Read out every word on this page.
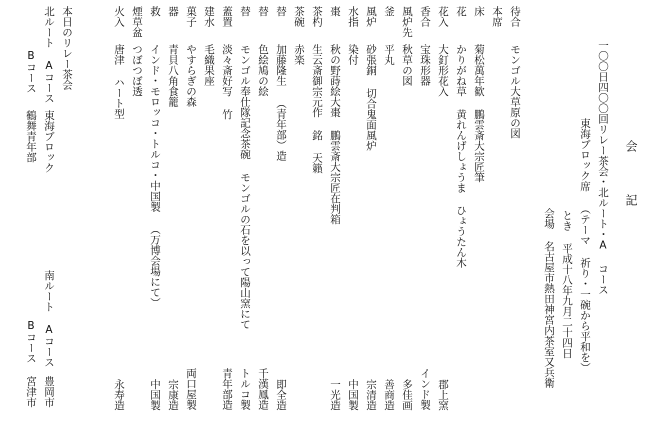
会 記
一〇〇日四〇〇回リレー茶会・北ルート・A コース
東海ブロック席 （テーマ 祈り・一碗から平和を）
とき 平成十八年九月二十四日
会場 名古屋市熱田神宮内茶室又兵衛
待合
モンゴル大草原の図
本席
床
菊松萬年歓
鵬雲斎大宗匠筆
花
かりがね草
黄れんげしょうま ひょうたん木
花入
大釘形花入
郡上窯
香合
宝珠形器
インド製
風炉先
秋草の図
多佳画
釜
平丸
善商造
風炉
砂張銅
切合鬼面風炉
宗清造
水指
染付
中国製
棗
秋の野蒔絵大棗
鵬雲斎大宗匠在判箱
一光造
茶杓
生云斎御宗元作
銘 天籟
茶碗
赤楽
替
加藤隆生
（青年部）造
即全造
替
色絵鳩の絵
千漢鳳造
替
モンゴル奉仕隊記念茶碗
モンゴルの石を以って陽山窯にて
トルコ製
蓋置
淡々斎好写
竹
青年部造
建水
毛織果座
菓子
やすらぎの森
両口屋製
器
青貝八角食籠
宗康造
救
インド・モロッコ・トルコ・中国製
（万博会場にて）
中国製
煙草盆
つぼつぼ透
火入
唐津
ハート型
永寿造
本日のリレー茶会
北ルート Aコース
東海ブロック
南ルート Aコース
豊岡市
Bコース
鶴舞青年部
Bコース
宮津市
